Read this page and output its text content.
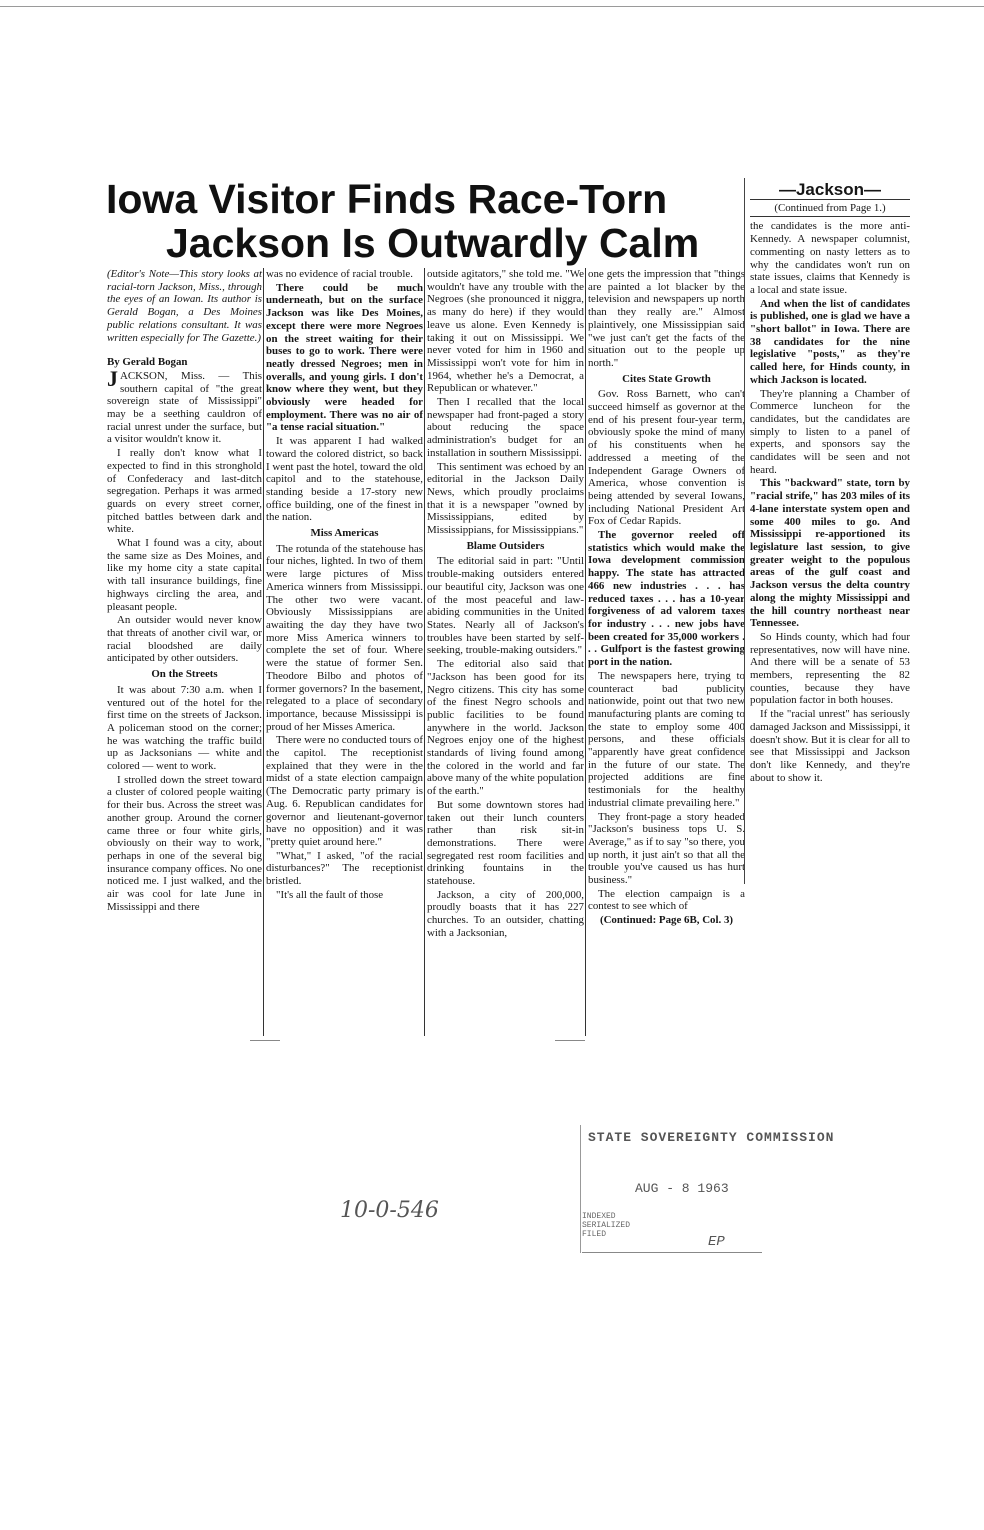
Iowa Visitor Finds Race-Torn
Jackson Is Outwardly Calm

(Editor's Note—This story looks at racial-torn Jackson, Miss., through the eyes of an Iowan. Its author is Gerald Bogan, a Des Moines public relations consultant. It was written especially for The Gazette.)

By Gerald Bogan

JACKSON, Miss. — This southern capital of "the great sovereign state of Mississippi" may be a seething cauldron of racial unrest under the surface, but a visitor wouldn't know it.

I really don't know what I expected to find in this stronghold of Confederacy and last-ditch segregation. Perhaps it was armed guards on every street corner, pitched battles between dark and white.

What I found was a city, about the same size as Des Moines, and like my home city a state capital with tall insurance buildings, fine highways circling the area, and pleasant people.

An outsider would never know that threats of another civil war, or racial bloodshed are daily anticipated by other outsiders.

On the Streets

It was about 7:30 a.m. when I ventured out of the hotel for the first time on the streets of Jackson. A policeman stood on the corner; he was watching the traffic build up as Jacksonians — white and colored — went to work.

I strolled down the street toward a cluster of colored people waiting for their bus. Across the street was another group. Around the corner came three or four white girls, obviously on their way to work, perhaps in one of the several big insurance company offices. No one noticed me. I just walked, and the air was cool for late June in Mississippi and there

was no evidence of racial trouble.

There could be much underneath, but on the surface Jackson was like Des Moines, except there were more Negroes on the street waiting for their buses to go to work. There were neatly dressed Negroes; men in overalls, and young girls. I don't know where they went, but they obviously were headed for employment. There was no air of "a tense racial situation."

It was apparent I had walked toward the colored district, so back I went past the hotel, toward the old capitol and to the statehouse, standing beside a 17-story new office building, one of the finest in the nation.

Miss Americas

The rotunda of the statehouse has four niches, lighted. In two of them were large pictures of Miss America winners from Mississippi. The other two were vacant. Obviously Mississippians are awaiting the day they have two more Miss America winners to complete the set of four. Where were the statue of former Sen. Theodore Bilbo and photos of former governors? In the basement, relegated to a place of secondary importance, because Mississippi is proud of her Misses America.

There were no conducted tours of the capitol. The receptionist explained that they were in the midst of a state election campaign (The Democratic party primary is Aug. 6. Republican candidates for governor and lieutenant-governor have no opposition) and it was "pretty quiet around here."

"What," I asked, "of the racial disturbances?" The receptionist bristled.

"It's all the fault of those

outside agitators," she told me. "We wouldn't have any trouble with the Negroes (she pronounced it niggra, as many do here) if they would leave us alone. Even Kennedy is taking it out on Mississippi. We never voted for him in 1960 and Mississippi won't vote for him in 1964, whether he's a Democrat, a Republican or whatever."

Then I recalled that the local newspaper had front-paged a story about reducing the space administration's budget for an installation in southern Mississippi.

This sentiment was echoed by an editorial in the Jackson Daily News, which proudly proclaims that it is a newspaper "owned by Mississippians, edited by Mississippians, for Mississippians."

Blame Outsiders

The editorial said in part: "Until trouble-making outsiders entered our beautiful city, Jackson was one of the most peaceful and law-abiding communities in the United States. Nearly all of Jackson's troubles have been started by self-seeking, trouble-making outsiders."

The editorial also said that "Jackson has been good for its Negro citizens. This city has some of the finest Negro schools and public facilities to be found anywhere in the world. Jackson Negroes enjoy one of the highest standards of living found among the colored in the world and far above many of the white population of the earth."

But some downtown stores had taken out their lunch counters rather than risk sit-in demonstrations. There were segregated rest room facilities and drinking fountains in the statehouse.

Jackson, a city of 200,000, proudly boasts that it has 227 churches. To an outsider, chatting with a Jacksonian,

one gets the impression that "things are painted a lot blacker by the television and newspapers up north than they really are." Almost plaintively, one Mississippian said "we just can't get the facts of the situation out to the people up north."

Cites State Growth

Gov. Ross Barnett, who can't succeed himself as governor at the end of his present four-year term, obviously spoke the mind of many of his constituents when he addressed a meeting of the Independent Garage Owners of America, whose convention is being attended by several Iowans, including National President Art Fox of Cedar Rapids.

The governor reeled off statistics which would make the Iowa development commission happy. The state has attracted 466 new industries . . . has reduced taxes . . . has a 10-year forgiveness of ad valorem taxes for industry . . . new jobs have been created for 35,000 workers . . . Gulfport is the fastest growing port in the nation.

The newspapers here, trying to counteract bad publicity nationwide, point out that two new manufacturing plants are coming to the state to employ some 400 persons, and these officials "apparently have great confidence in the future of our state. The projected additions are fine testimonials for the healthy industrial climate prevailing here."

They front-page a story headed "Jackson's business tops U. S. Average," as if to say "so there, you up north, it just ain't so that all the trouble you've caused us has hurt business."

The election campaign is a contest to see which of

(Continued: Page 6B, Col. 3)

—Jackson—
(Continued from Page 1.)

the candidates is the more anti-Kennedy. A newspaper columnist, commenting on nasty letters as to why the candidates won't run on state issues, claims that Kennedy is a local and state issue.

And when the list of candidates is published, one is glad we have a "short ballot" in Iowa. There are 38 candidates for the nine legislative "posts," as they're called here, for Hinds county, in which Jackson is located.

They're planning a Chamber of Commerce luncheon for the candidates, but the candidates are simply to listen to a panel of experts, and sponsors say the candidates will be seen and not heard.

This "backward" state, torn by "racial strife," has 203 miles of its 4-lane interstate system open and some 400 miles to go. And Mississippi re-apportioned its legislature last session, to give greater weight to the populous areas of the gulf coast and Jackson versus the delta country along the mighty Mississippi and the hill country northeast near Tennessee.

So Hinds county, which had four representatives, now will have nine. And there will be a senate of 53 members, representing the 82 counties, because they have population factor in both houses.

If the "racial unrest" has seriously damaged Jackson and Mississippi, it doesn't show. But it is clear for all to see that Mississippi and Jackson don't like Kennedy, and they're about to show it.

STATE SOVEREIGNTY COMMISSION
AUG - 8 1963
INDEXED
SERIALIZED
FILED	EP
10-0-546
